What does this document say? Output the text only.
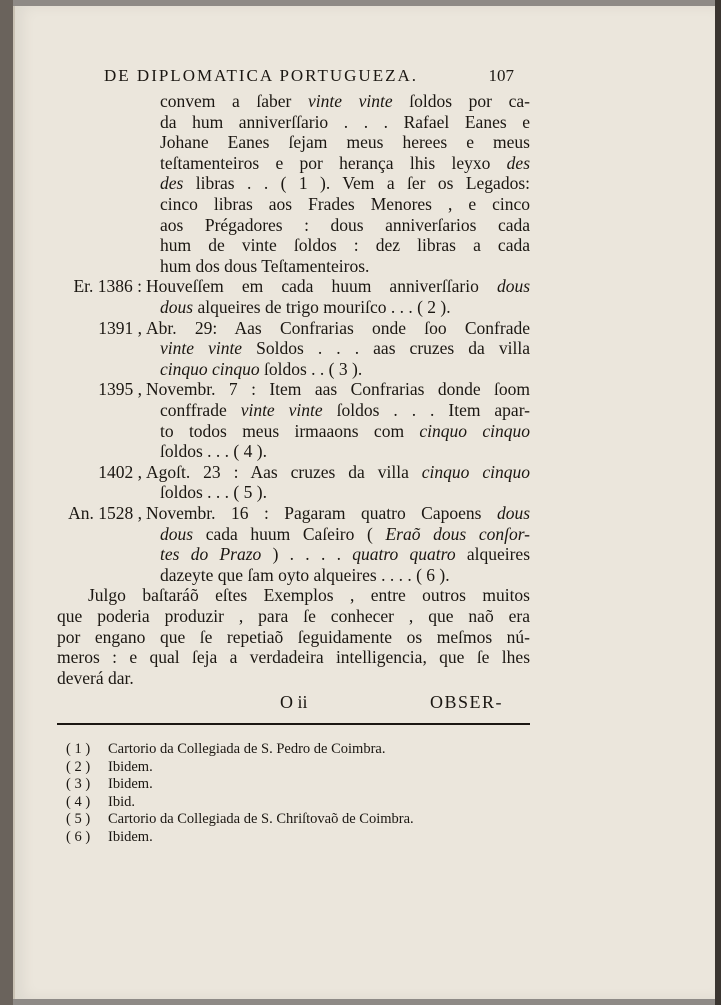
DE DIPLOMATICA PORTUGUEZA.	107
convem a ſaber vinte vinte ſoldos por ca-
da hum anniverſſario . . . Rafael Eanes e
Johane Eanes ſejam meus herees e meus
teſtamenteiros e por herança lhis leyxo des
des libras . . ( 1 ). Vem a ſer os Legados:
cinco libras aos Frades Menores , e cinco
aos Prégadores : dous anniverſarios cada
hum de vinte ſoldos : dez libras a cada
hum dos dous Teſtamenteiros.
Er. 1386 : Houveſſem em cada huum anniverſſario dous
dous alqueires de trigo mouriſco . . . ( 2 ).
1391 , Abr. 29: Aas Confrarias onde ſoo Confrade
vinte vinte Soldos . . . aas cruzes da villa
cinquo cinquo ſoldos . . ( 3 ).
1395 , Novembr. 7 : Item aas Confrarias donde ſoom
conffrade vinte vinte ſoldos . . . Item apar-
to todos meus irmaaons com cinquo cinquo
ſoldos . . . ( 4 ).
1402 , Agoſt. 23 : Aas cruzes da villa cinquo cinquo
ſoldos . . . ( 5 ).
An. 1528 , Novembr. 16 : Pagaram quatro Capoens dous
dous cada huum Caſeiro ( Eraõ dous conſor-
tes do Prazo ) . . . . quatro quatro alqueires
dazeyte que ſam oyto alqueires . . . . ( 6 ).
Julgo baſtaráõ eſtes Exemplos , entre outros muitos
que poderia produzir , para ſe conhecer , que naõ era
por engano que ſe repetiaõ ſeguidamente os meſmos nú-
meros : e qual ſeja a verdadeira intelligencia, que ſe lhes
deverá dar.
O ii	OBSER-
( 1 ) Cartorio da Collegiada de S. Pedro de Coimbra.
( 2 ) Ibidem.
( 3 ) Ibidem.
( 4 ) Ibid.
( 5 ) Cartorio da Collegiada de S. Chriſtovaõ de Coimbra.
( 6 ) Ibidem.
